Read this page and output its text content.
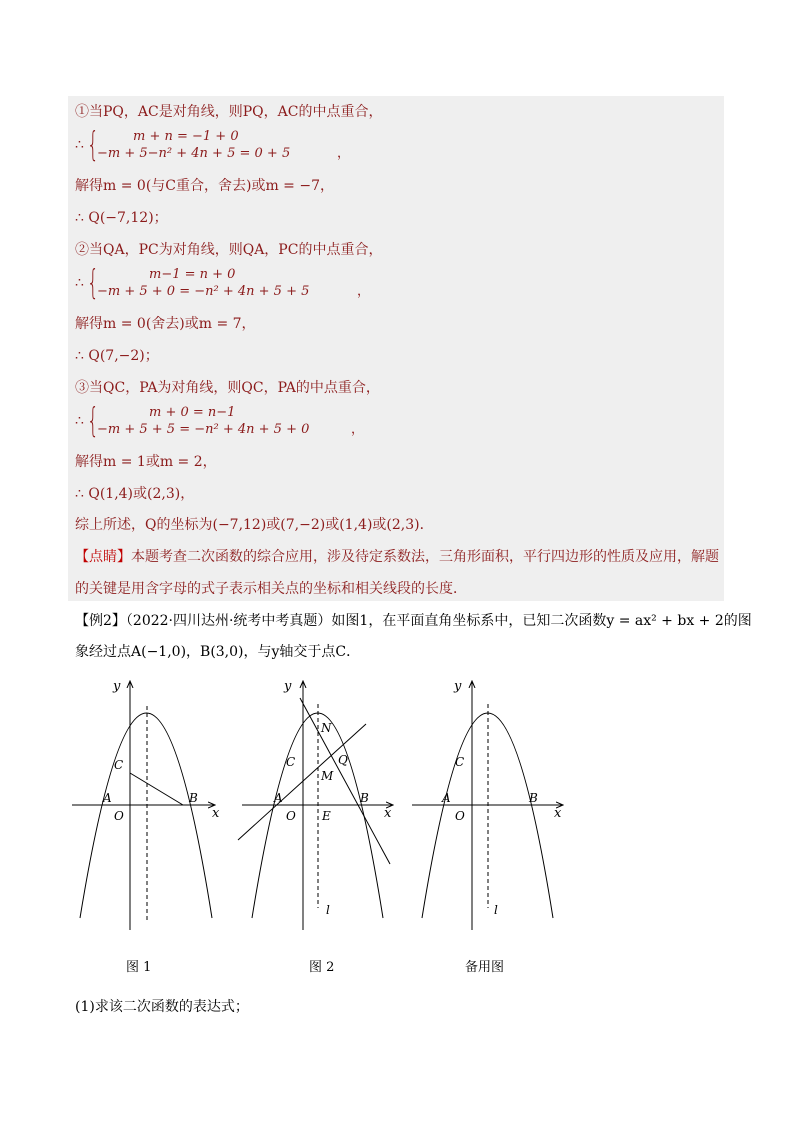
①当PQ，AC是对角线，则PQ，AC的中点重合，
∴ {	m + n = −1 + 0
−m + 5−n² + 4n + 5 = 0 + 5	，
解得m = 0(与C重合，舍去)或m = −7，
∴ Q(−7,12)；
②当QA，PC为对角线，则QA，PC的中点重合，
∴ {	m−1 = n + 0
−m + 5 + 0 = −n² + 4n + 5 + 5	，
解得m = 0(舍去)或m = 7，
∴ Q(7,−2)；
③当QC，PA为对角线，则QC，PA的中点重合，
∴ {	m + 0 = n−1
−m + 5 + 5 = −n² + 4n + 5 + 0	，
解得m = 1或m = 2，
∴ Q(1,4)或(2,3)，
综上所述，Q的坐标为(−7,12)或(7,−2)或(1,4)或(2,3)．
【点睛】本题考查二次函数的综合应用，涉及待定系数法，三角形面积，平行四边形的性质及应用，解题
的关键是用含字母的式子表示相关点的坐标和相关线段的长度．
【例2】（2022·四川达州·统考中考真题）如图1，在平面直角坐标系中，已知二次函数y = ax² + bx + 2的图
象经过点A(−1,0)，B(3,0)，与y轴交于点C．
y
x
O
A	B
C
y
x
O
A	B
C
N
Q
M
E
l
y
x
O
A	B
C
l
图 1	图 2	备用图
(1)求该二次函数的表达式；
